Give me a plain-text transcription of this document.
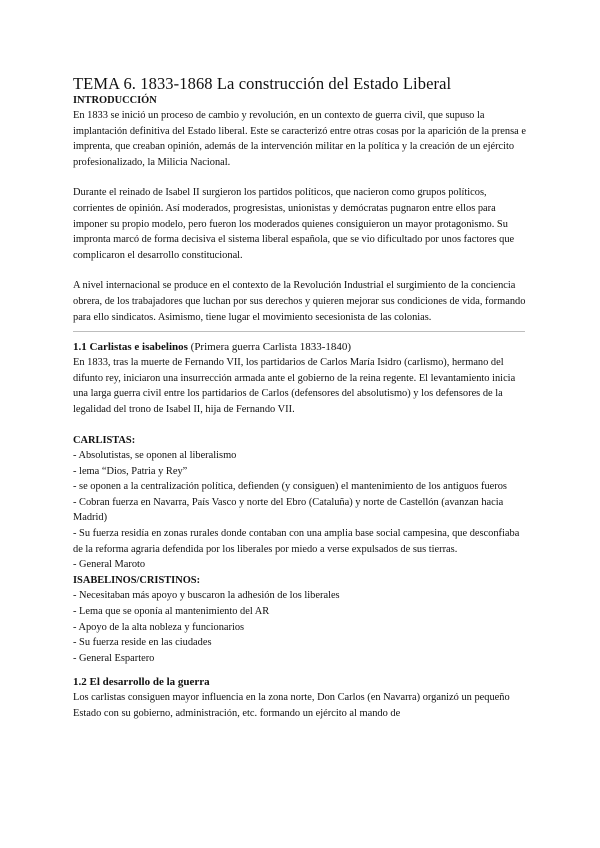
TEMA 6. 1833-1868 La construcción del Estado Liberal
INTRODUCCIÓN

En 1833 se inició un proceso de cambio y revolución, en un contexto de guerra civil, que supuso la implantación definitiva del Estado liberal. Este se caracterizó entre otras cosas por la aparición de la prensa e imprenta, que creaban opinión, además de la intervención militar en la política y la creación de un ejército profesionalizado, la Milicia Nacional.

Durante el reinado de Isabel II surgieron los partidos políticos, que nacieron como grupos políticos, corrientes de opinión. Así moderados, progresistas, unionistas y demócratas pugnaron entre ellos para imponer su propio modelo, pero fueron los moderados quienes consiguieron un mayor protagonismo. Su impronta marcó de forma decisiva el sistema liberal española, que se vio dificultado por unos factores que complicaron el desarrollo constitucional.

A nivel internacional se produce en el contexto de la Revolución Industrial el surgimiento de la conciencia obrera, de los trabajadores que luchan por sus derechos y quieren mejorar sus condiciones de vida, formando para ello sindicatos. Asimismo, tiene lugar el movimiento secesionista de las colonias.

1.1 Carlistas e isabelinos (Primera guerra Carlista 1833-1840)

En 1833, tras la muerte de Fernando VII, los partidarios de Carlos María Isidro (carlismo), hermano del difunto rey, iniciaron una insurrección armada ante el gobierno de la reina regente. El levantamiento inicia una larga guerra civil entre los partidarios de Carlos (defensores del absolutismo) y los defensores de la legalidad del trono de Isabel II, hija de Fernando VII.

CARLISTAS:
- Absolutistas, se oponen al liberalismo
- lema “Dios, Patria y Rey”
- se oponen a la centralización política, defienden (y consiguen) el mantenimiento de los antiguos fueros
- Cobran fuerza en Navarra, País Vasco y norte del Ebro (Cataluña) y norte de Castellón (avanzan hacia Madrid)
- Su fuerza residía en zonas rurales donde contaban con una amplia base social campesina, que desconfiaba de la reforma agraria defendida por los liberales por miedo a verse expulsados de sus tierras.
- General Maroto
ISABELINOS/CRISTINOS:
- Necesitaban más apoyo y buscaron la adhesión de los liberales
- Lema que se oponía al mantenimiento del AR
- Apoyo de la alta nobleza y funcionarios
- Su fuerza reside en las ciudades
- General Espartero
1.2 El desarrollo de la guerra

Los carlistas consiguen mayor influencia en la zona norte, Don Carlos (en Navarra) organizó un pequeño Estado con su gobierno, administración, etc. formando un ejército al mando de
